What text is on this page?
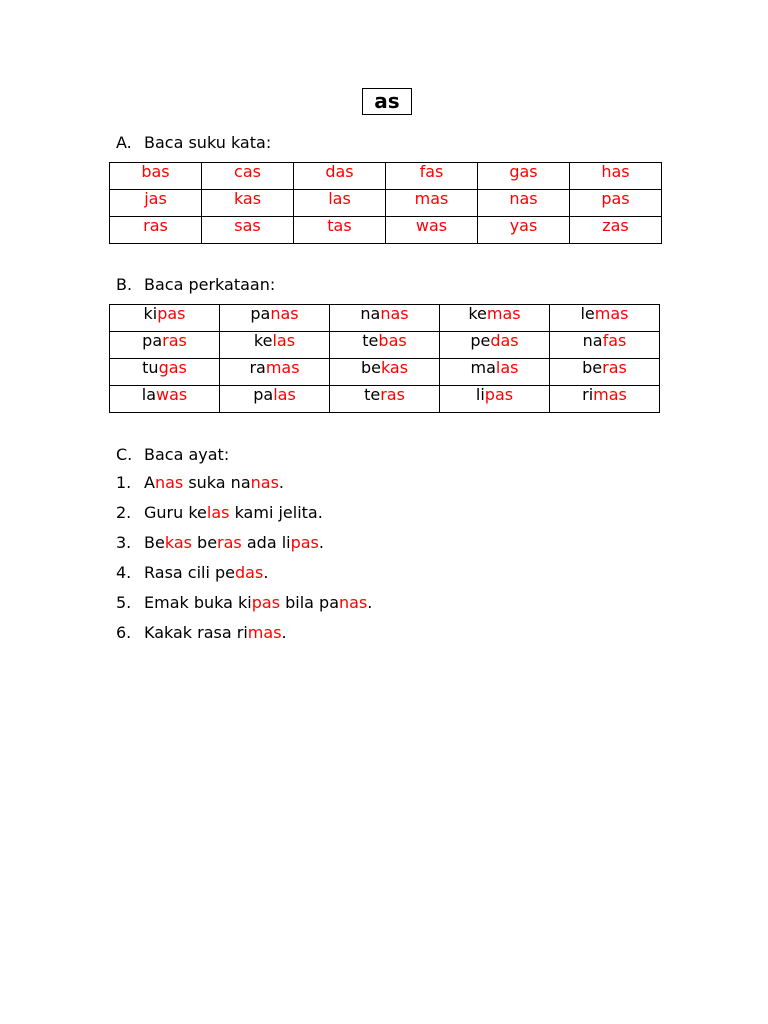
as
A. Baca suku kata:
bas	cas	das	fas	gas	has
jas	kas	las	mas	nas	pas
ras	sas	tas	was	yas	zas
B. Baca perkataan:
kipas	panas	nanas	kemas	lemas
paras	kelas	tebas	pedas	nafas
tugas	ramas	bekas	malas	beras
lawas	palas	teras	lipas	rimas
C. Baca ayat:
1. Anas suka nanas.
2. Guru kelas kami jelita.
3. Bekas beras ada lipas.
4. Rasa cili pedas.
5. Emak buka kipas bila panas.
6. Kakak rasa rimas.
